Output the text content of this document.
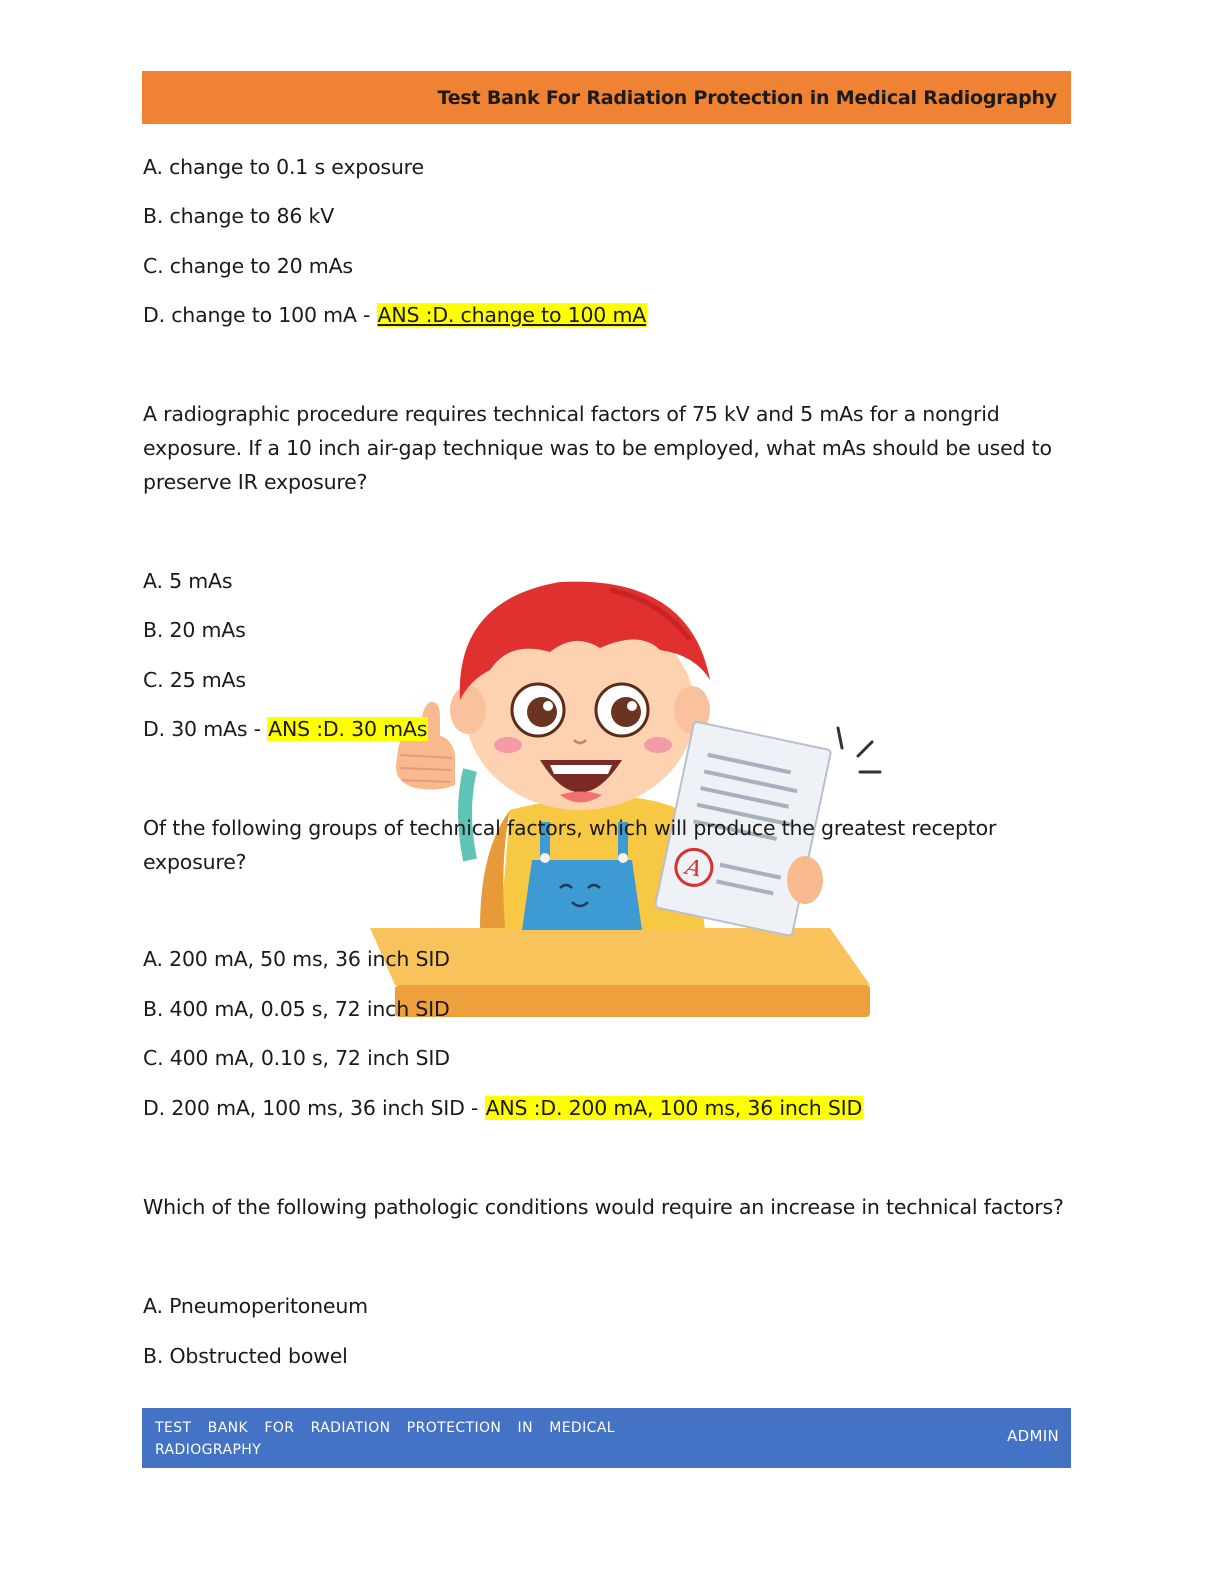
Test Bank For Radiation Protection in Medical Radiography
A
A. change to 0.1 s exposure
B. change to 86 kV
C. change to 20 mAs
D. change to 100 mA - ANS :D. change to 100 mA
A radiographic procedure requires technical factors of 75 kV and 5 mAs for a nongrid exposure. If a 10 inch air-gap technique was to be employed, what mAs should be used to preserve IR exposure?
A. 5 mAs
B. 20 mAs
C. 25 mAs
D. 30 mAs - ANS :D. 30 mAs
Of the following groups of technical factors, which will produce the greatest receptor exposure?
A. 200 mA, 50 ms, 36 inch SID
B. 400 mA, 0.05 s, 72 inch SID
C. 400 mA, 0.10 s, 72 inch SID
D. 200 mA, 100 ms, 36 inch SID - ANS :D. 200 mA, 100 ms, 36 inch SID
Which of the following pathologic conditions would require an increase in technical factors?
A. Pneumoperitoneum
B. Obstructed bowel
TEST BANK FOR RADIATION PROTECTION IN MEDICAL RADIOGRAPHY
ADMIN
